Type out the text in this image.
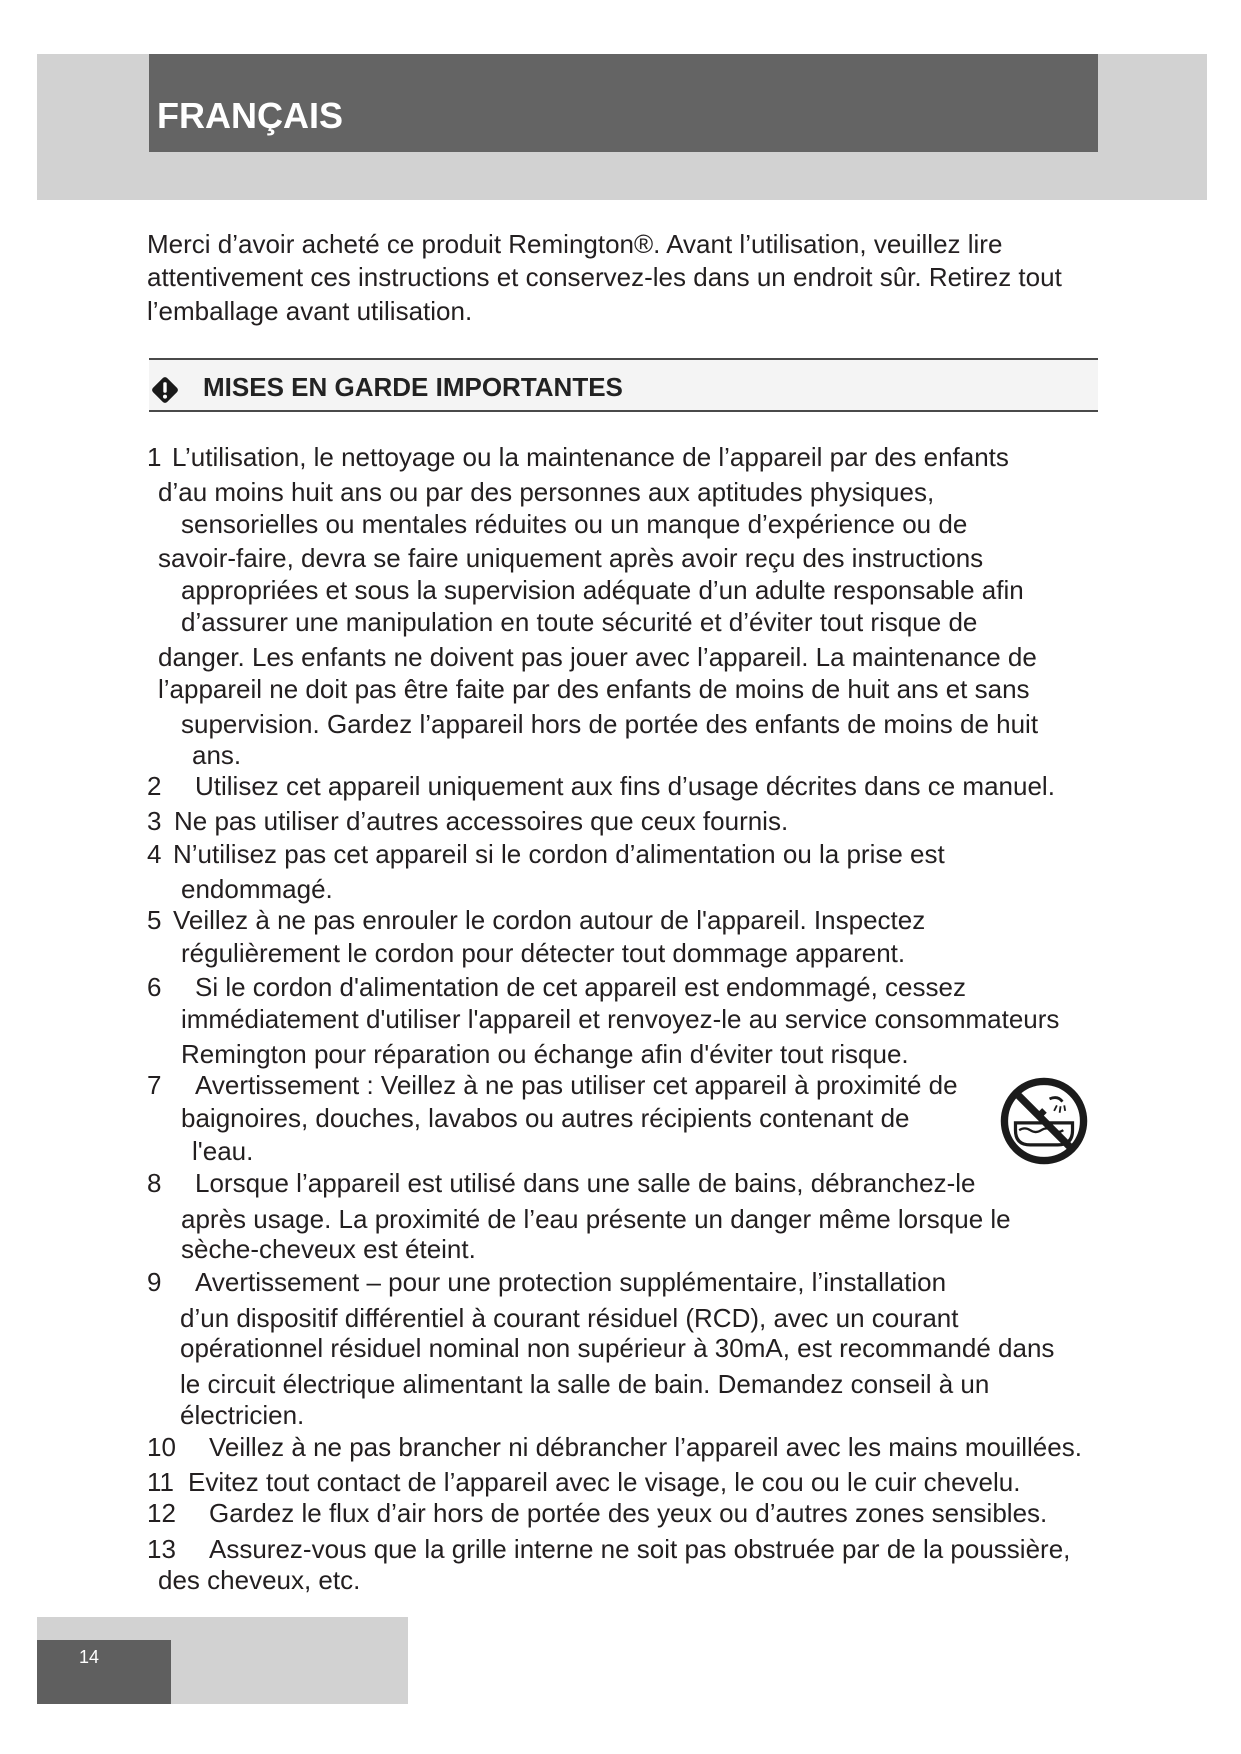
FRANÇAIS
Merci d’avoir acheté ce produit Remington®. Avant l’utilisation, veuillez lire
attentivement ces instructions et conservez-les dans un endroit sûr. Retirez tout
l’emballage avant utilisation.
MISES EN GARDE IMPORTANTES
1 L’utilisation, le nettoyage ou la maintenance de l’appareil par des enfants
d’au moins huit ans ou par des personnes aux aptitudes physiques,
sensorielles ou mentales réduites ou un manque d’expérience ou de
savoir-faire, devra se faire uniquement après avoir reçu des instructions
appropriées et sous la supervision adéquate d’un adulte responsable afin
d’assurer une manipulation en toute sécurité et d’éviter tout risque de
danger. Les enfants ne doivent pas jouer avec l’appareil. La maintenance de
l’appareil ne doit pas être faite par des enfants de moins de huit ans et sans
supervision. Gardez l’appareil hors de portée des enfants de moins de huit
ans.
2 Utilisez cet appareil uniquement aux fins d’usage décrites dans ce manuel.
3 Ne pas utiliser d’autres accessoires que ceux fournis.
4 N’utilisez pas cet appareil si le cordon d’alimentation ou la prise est
endommagé.
5 Veillez à ne pas enrouler le cordon autour de l'appareil. Inspectez
régulièrement le cordon pour détecter tout dommage apparent.
6 Si le cordon d'alimentation de cet appareil est endommagé, cessez
immédiatement d'utiliser l'appareil et renvoyez-le au service consommateurs
Remington pour réparation ou échange afin d'éviter tout risque.
7 Avertissement : Veillez à ne pas utiliser cet appareil à proximité de
baignoires, douches, lavabos ou autres récipients contenant de
l'eau.
8 Lorsque l’appareil est utilisé dans une salle de bains, débranchez-le
après usage. La proximité de l’eau présente un danger même lorsque le
sèche-cheveux est éteint.
9 Avertissement – pour une protection supplémentaire, l’installation
d’un dispositif différentiel à courant résiduel (RCD), avec un courant
opérationnel résiduel nominal non supérieur à 30mA, est recommandé dans
le circuit électrique alimentant la salle de bain. Demandez conseil à un
électricien.
10 Veillez à ne pas brancher ni débrancher l’appareil avec les mains mouillées.
11 Evitez tout contact de l’appareil avec le visage, le cou ou le cuir chevelu.
12 Gardez le flux d’air hors de portée des yeux ou d’autres zones sensibles.
13 Assurez-vous que la grille interne ne soit pas obstruée par de la poussière,
des cheveux, etc.
14
